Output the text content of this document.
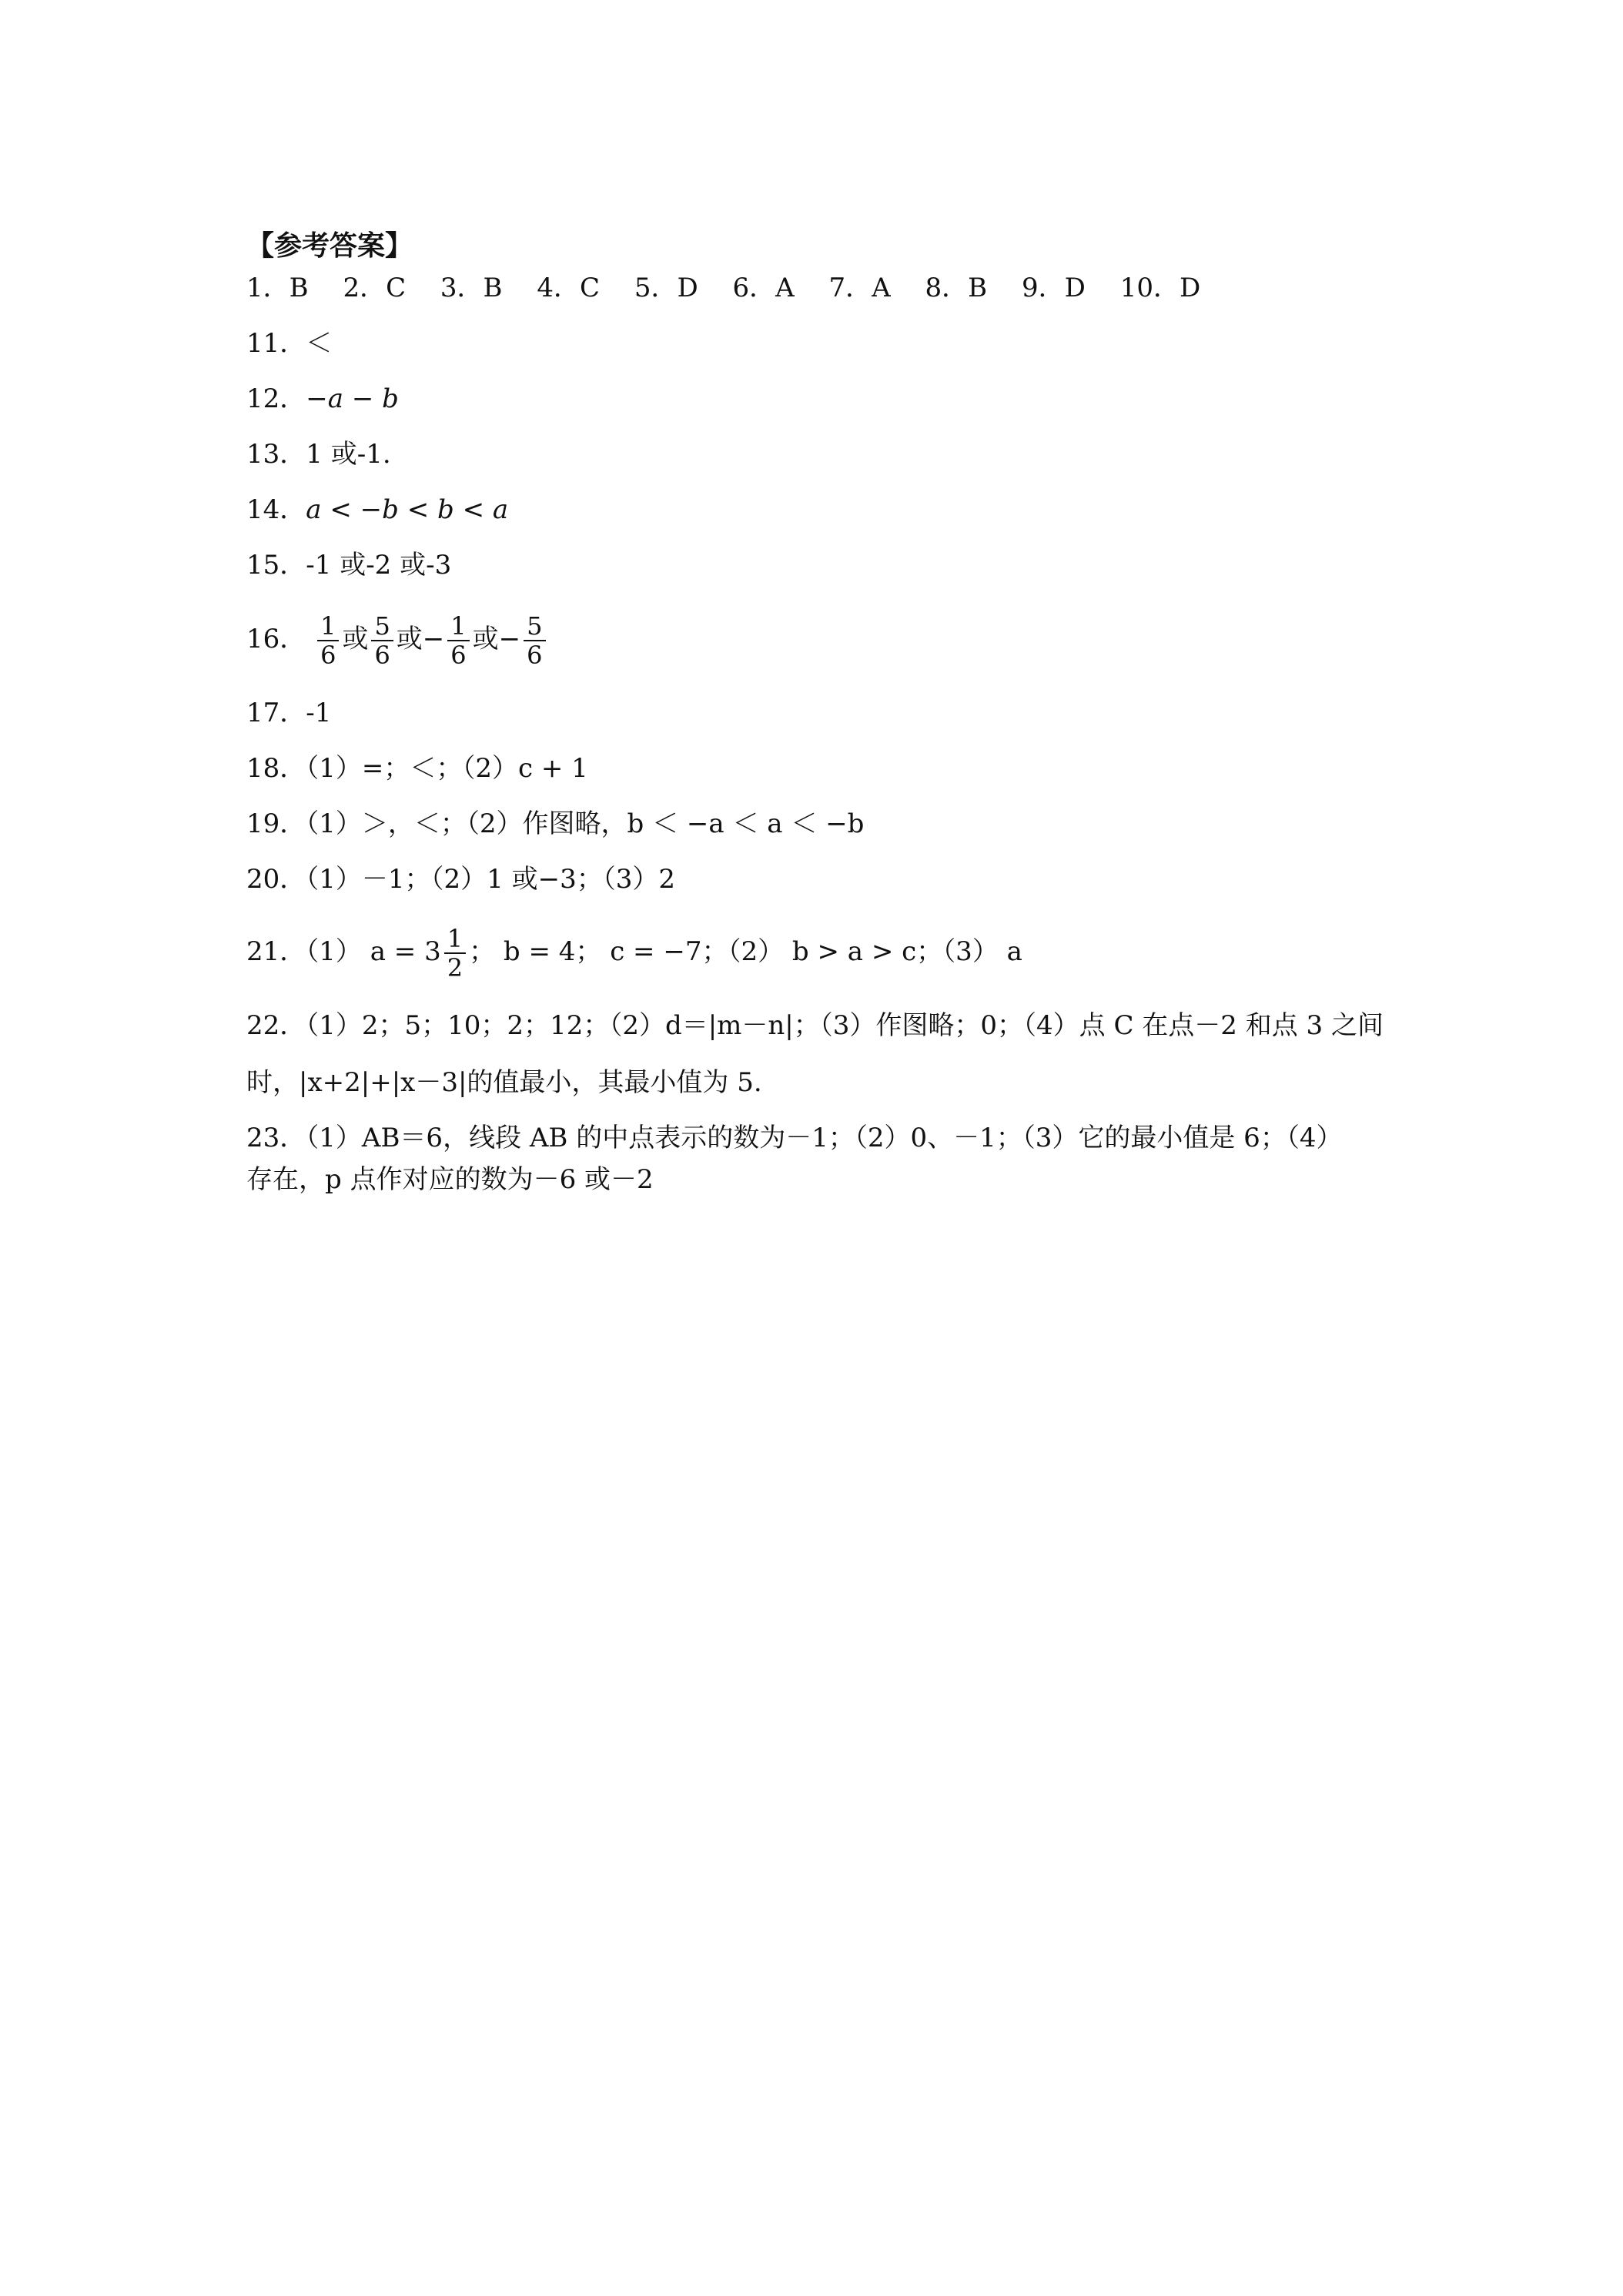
【参考答案】
1．B 2．C 3．B 4．C 5．D 6．A 7．A 8．B 9．D 10．D
11．＜
12．−a − b
13．1 或-1.
14．a < −b < b < a
15．-1 或-2 或-3
16． $\frac{1}{6}$ 或 $\frac{5}{6}$ 或− $\frac{1}{6}$ 或− $\frac{5}{6}$
17．-1
18．（1）=；＜；（2）c + 1
19．（1）＞，＜；（2）作图略，b ＜ −a ＜ a ＜ −b
20．（1）－1；（2）1 或−3；（3）2
21．（1） $a = 3 \frac{1}{2}$ ； b = 4； c = −7；（2） b > a > c；（3） a
22．（1）2；5；10；2；12；（2）d＝|m－n|；（3）作图略；0；（4）点 C 在点－2 和点 3 之间
时，|x+2|+|x－3|的值最小，其最小值为 5.
23．（1）AB＝6，线段 AB 的中点表示的数为－1；（2）0、－1；（3）它的最小值是 6；（4）
存在，p 点作对应的数为－6 或－2
